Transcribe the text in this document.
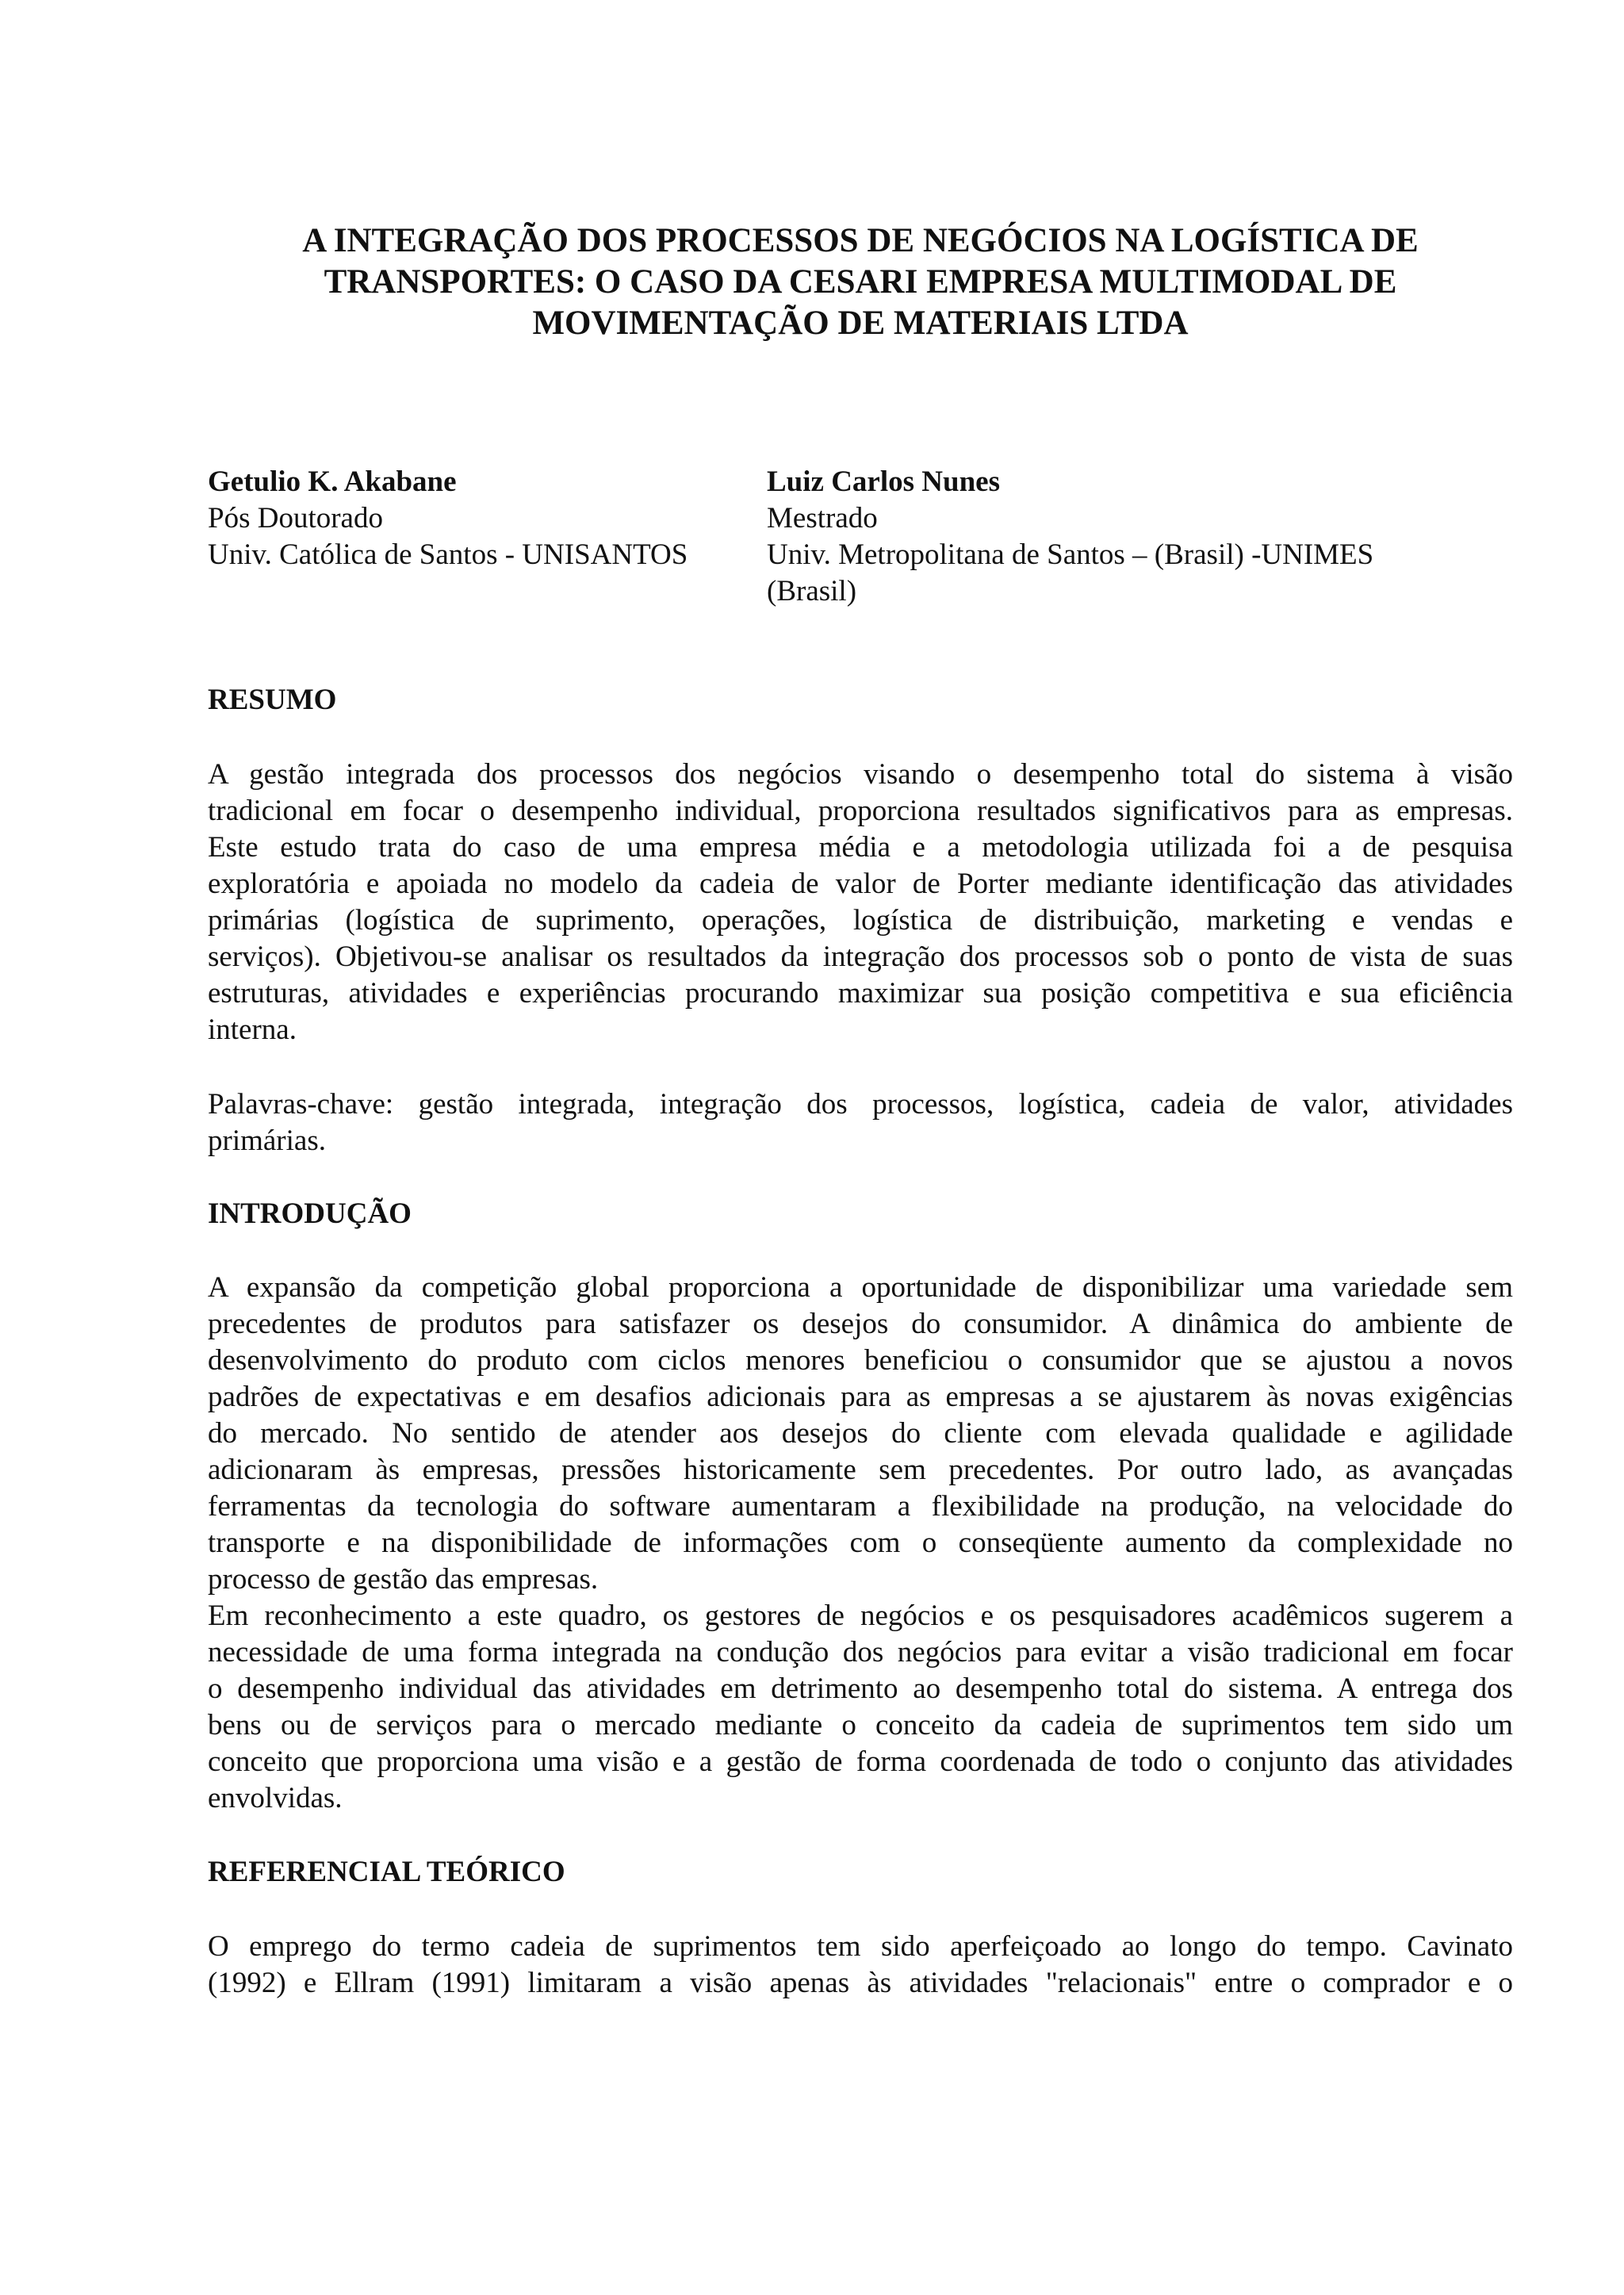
A INTEGRAÇÃO DOS PROCESSOS DE NEGÓCIOS NA LOGÍSTICA DE
TRANSPORTES: O CASO DA CESARI EMPRESA MULTIMODAL DE
MOVIMENTAÇÃO DE MATERIAIS LTDA
Getulio K. Akabane
Pós Doutorado
Univ. Católica de Santos - UNISANTOS
Luiz Carlos Nunes
Mestrado
Univ. Metropolitana de Santos – (Brasil) -UNIMES
(Brasil)
RESUMO
A gestão integrada dos processos dos negócios visando o desempenho total do sistema à visão
tradicional em focar o desempenho individual, proporciona resultados significativos para as empresas.
Este estudo trata do caso de uma empresa média e a metodologia utilizada foi a de pesquisa
exploratória e apoiada no modelo da cadeia de valor de Porter mediante identificação das atividades
primárias (logística de suprimento, operações, logística de distribuição, marketing e vendas e
serviços). Objetivou-se analisar os resultados da integração dos processos sob o ponto de vista de suas
estruturas, atividades e experiências procurando maximizar sua posição competitiva e sua eficiência
interna.
Palavras-chave: gestão integrada, integração dos processos, logística, cadeia de valor, atividades
primárias.
INTRODUÇÃO
A expansão da competição global proporciona a oportunidade de disponibilizar uma variedade sem
precedentes de produtos para satisfazer os desejos do consumidor. A dinâmica do ambiente de
desenvolvimento do produto com ciclos menores beneficiou o consumidor que se ajustou a novos
padrões de expectativas e em desafios adicionais para as empresas a se ajustarem às novas exigências
do mercado. No sentido de atender aos desejos do cliente com elevada qualidade e agilidade
adicionaram às empresas, pressões historicamente sem precedentes. Por outro lado, as avançadas
ferramentas da tecnologia do software aumentaram a flexibilidade na produção, na velocidade do
transporte e na disponibilidade de informações com o conseqüente aumento da complexidade no
processo de gestão das empresas.
Em reconhecimento a este quadro, os gestores de negócios e os pesquisadores acadêmicos sugerem a
necessidade de uma forma integrada na condução dos negócios para evitar a visão tradicional em focar
o desempenho individual das atividades em detrimento ao desempenho total do sistema. A entrega dos
bens ou de serviços para o mercado mediante o conceito da cadeia de suprimentos tem sido um
conceito que proporciona uma visão e a gestão de forma coordenada de todo o conjunto das atividades
envolvidas.
REFERENCIAL TEÓRICO
O emprego do termo cadeia de suprimentos tem sido aperfeiçoado ao longo do tempo. Cavinato
(1992) e Ellram (1991) limitaram a visão apenas às atividades "relacionais" entre o comprador e o
